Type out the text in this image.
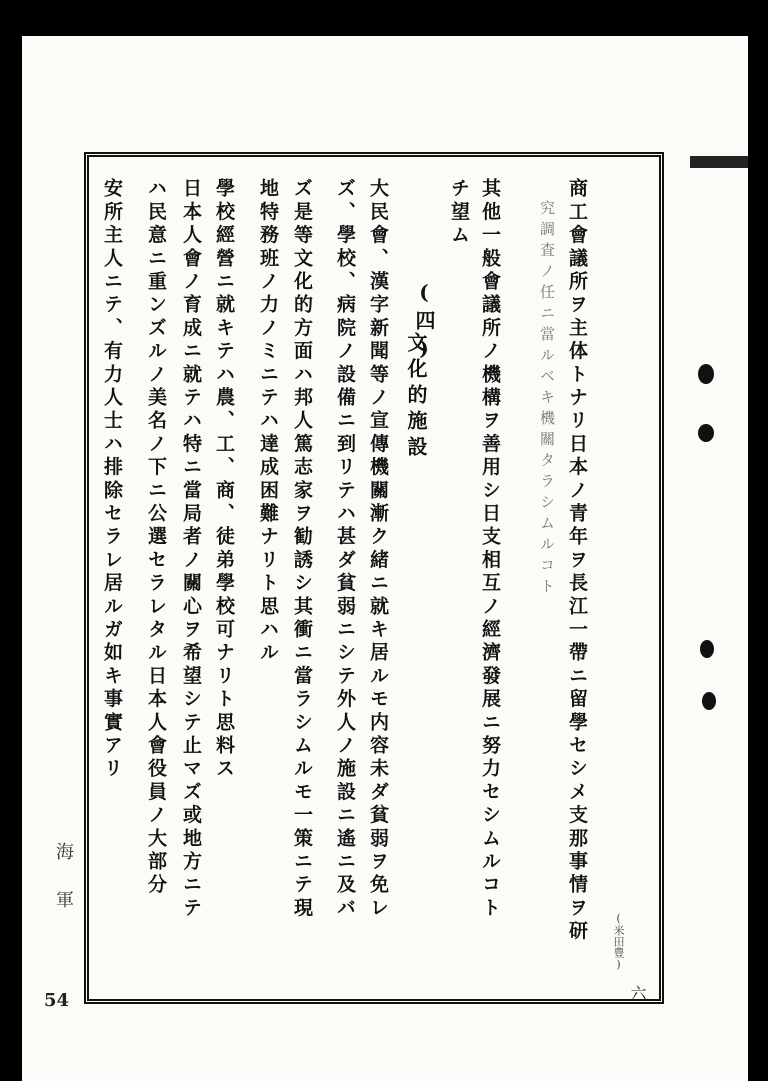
商工會議所ヲ主体トナリ日本ノ青年ヲ長江一帶ニ留學セシメ支那事情ヲ研
究調査ノ任ニ當ルベキ機關タラシムルコト
其他一般會議所ノ機構ヲ善用シ日支相互ノ經濟發展ニ努力セシムルコト
チ望ム
(四)
文化的施設
大民會、漢字新聞等ノ宣傳機關漸ク緒ニ就キ居ルモ内容未ダ貧弱ヲ免レ
ズ、學校、病院ノ設備ニ到リテハ甚ダ貧弱ニシテ外人ノ施設ニ遙ニ及バ
ズ是等文化的方面ハ邦人篤志家ヲ勧誘シ其衝ニ當ラシムルモ一策ニテ現
地特務班ノ力ノミニテハ達成困難ナリト思ハル
學校經營ニ就キテハ農、工、商、徒弟學校可ナリト思料ス
日本人會ノ育成ニ就テハ特ニ當局者ノ關心ヲ希望シテ止マズ或地方ニテ
ハ民意ニ重ンズルノ美名ノ下ニ公選セラレタル日本人會役員ノ大部分
安所主人ニテ、有力人士ハ排除セラレ居ルガ如キ事實アリ
海軍
54
(米田豊)
六
